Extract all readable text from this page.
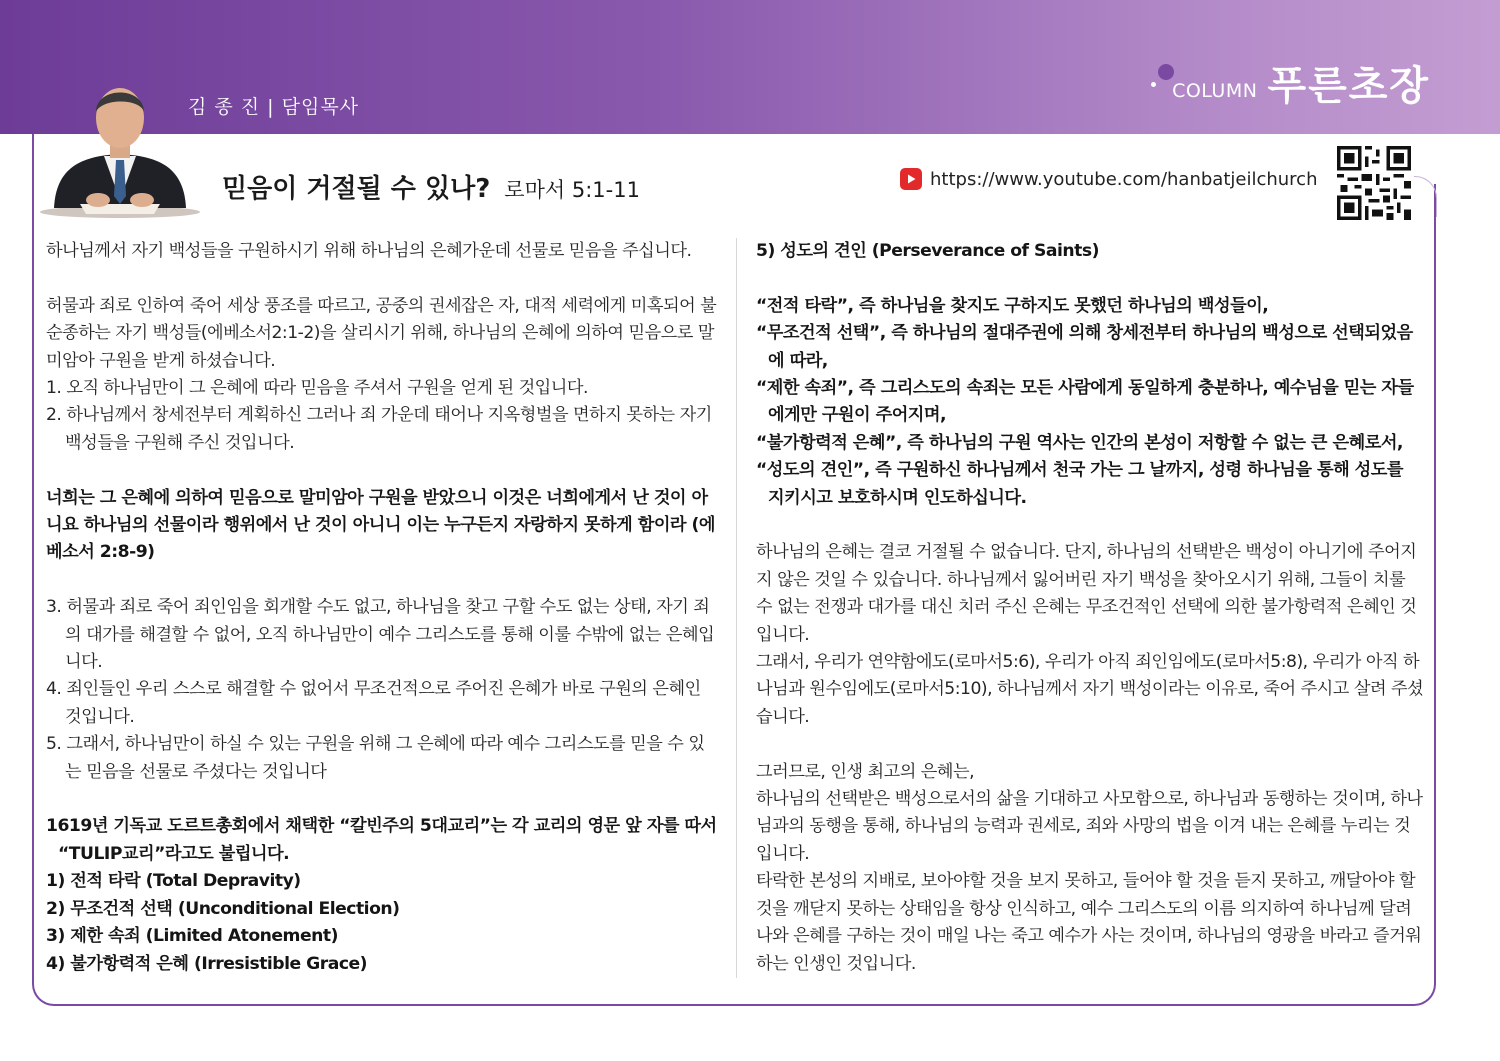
김 종 진 | 담임목사
COLUMN 푸른초장
믿음이 거절될 수 있나? 로마서 5:1-11	https://www.youtube.com/hanbatjeilchurch

하나님께서 자기 백성들을 구원하시기 위해 하나님의 은혜가운데 선물로 믿음을 주십니다.

허물과 죄로 인하여 죽어 세상 풍조를 따르고, 공중의 권세잡은 자, 대적 세력에게 미혹되어 불순종하는 자기 백성들(에베소서2:1-2)을 살리시기 위해, 하나님의 은혜에 의하여 믿음으로 말미암아 구원을 받게 하셨습니다.

1. 오직 하나님만이 그 은혜에 따라 믿음을 주셔서 구원을 얻게 된 것입니다.

2. 하나님께서 창세전부터 계획하신 그러나 죄 가운데 태어나 지옥형벌을 면하지 못하는 자기 백성들을 구원해 주신 것입니다.

너희는 그 은혜에 의하여 믿음으로 말미암아 구원을 받았으니 이것은 너희에게서 난 것이 아니요 하나님의 선물이라 행위에서 난 것이 아니니 이는 누구든지 자랑하지 못하게 함이라 (에베소서 2:8-9)

3. 허물과 죄로 죽어 죄인임을 회개할 수도 없고, 하나님을 찾고 구할 수도 없는 상태, 자기 죄의 대가를 해결할 수 없어, 오직 하나님만이 예수 그리스도를 통해 이룰 수밖에 없는 은혜입니다.

4. 죄인들인 우리 스스로 해결할 수 없어서 무조건적으로 주어진 은혜가 바로 구원의 은혜인 것입니다.

5. 그래서, 하나님만이 하실 수 있는 구원을 위해 그 은혜에 따라 예수 그리스도를 믿을 수 있는 믿음을 선물로 주셨다는 것입니다

1619년 기독교 도르트총회에서 채택한 “칼빈주의 5대교리”는 각 교리의 영문 앞 자를 따서 “TULIP교리”라고도 불립니다.

1) 전적 타락 (Total Depravity)

2) 무조건적 선택 (Unconditional Election)

3) 제한 속죄 (Limited Atonement)

4) 불가항력적 은혜 (Irresistible Grace)

5) 성도의 견인 (Perseverance of Saints)

“전적 타락”, 즉 하나님을 찾지도 구하지도 못했던 하나님의 백성들이,

“무조건적 선택”, 즉 하나님의 절대주권에 의해 창세전부터 하나님의 백성으로 선택되었음에 따라,

“제한 속죄”, 즉 그리스도의 속죄는 모든 사람에게 동일하게 충분하나, 예수님을 믿는 자들에게만 구원이 주어지며,

“불가항력적 은혜”, 즉 하나님의 구원 역사는 인간의 본성이 저항할 수 없는 큰 은혜로서,

“성도의 견인”, 즉 구원하신 하나님께서 천국 가는 그 날까지, 성령 하나님을 통해 성도를 지키시고 보호하시며 인도하십니다.

하나님의 은혜는 결코 거절될 수 없습니다. 단지, 하나님의 선택받은 백성이 아니기에 주어지지 않은 것일 수 있습니다. 하나님께서 잃어버린 자기 백성을 찾아오시기 위해, 그들이 치룰 수 없는 전쟁과 대가를 대신 치러 주신 은혜는 무조건적인 선택에 의한 불가항력적 은혜인 것입니다.

그래서, 우리가 연약함에도(로마서5:6), 우리가 아직 죄인임에도(로마서5:8), 우리가 아직 하나님과 원수임에도(로마서5:10), 하나님께서 자기 백성이라는 이유로, 죽어 주시고 살려 주셨습니다.

그러므로, 인생 최고의 은혜는,

하나님의 선택받은 백성으로서의 삶을 기대하고 사모함으로, 하나님과 동행하는 것이며, 하나님과의 동행을 통해, 하나님의 능력과 권세로, 죄와 사망의 법을 이겨 내는 은혜를 누리는 것입니다.

타락한 본성의 지배로, 보아야할 것을 보지 못하고, 들어야 할 것을 듣지 못하고, 깨달아야 할 것을 깨닫지 못하는 상태임을 항상 인식하고, 예수 그리스도의 이름 의지하여 하나님께 달려 나와 은혜를 구하는 것이 매일 나는 죽고 예수가 사는 것이며, 하나님의 영광을 바라고 즐거워하는 인생인 것입니다.
